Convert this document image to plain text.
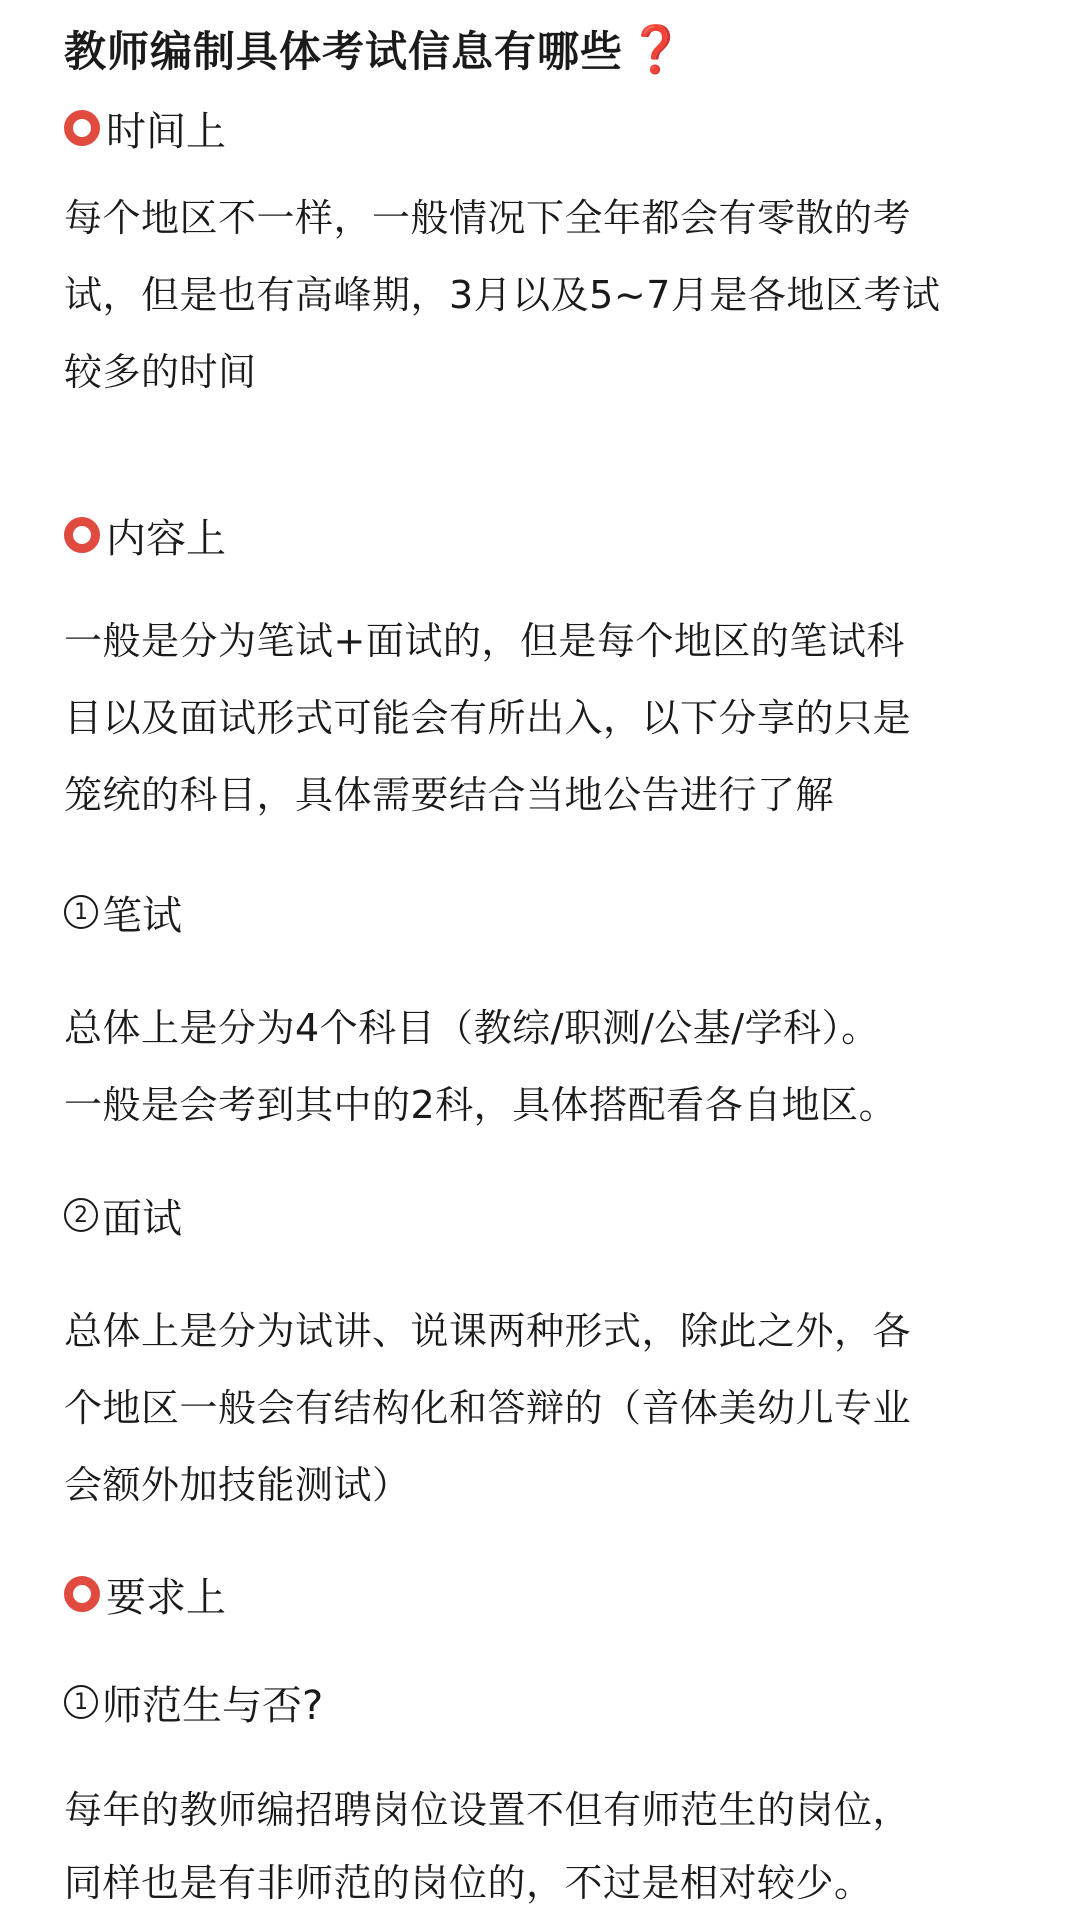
教师编制具体考试信息有哪些 ❓
时间上

每个地区不一样，一般情况下全年都会有零散的考
试，但是也有高峰期，3月以及5~7月是各地区考试
较多的时间

内容上

一般是分为笔试+面试的，但是每个地区的笔试科
目以及面试形式可能会有所出入，以下分享的只是
笼统的科目，具体需要结合当地公告进行了解

1 笔试

总体上是分为4个科目（教综/职测/公基/学科）。
一般是会考到其中的2科，具体搭配看各自地区。

2 面试

总体上是分为试讲、说课两种形式，除此之外，各
个地区一般会有结构化和答辩的（音体美幼儿专业
会额外加技能测试）

要求上
1 师范生与否?

每年的教师编招聘岗位设置不但有师范生的岗位，
同样也是有非师范的岗位的，不过是相对较少。
